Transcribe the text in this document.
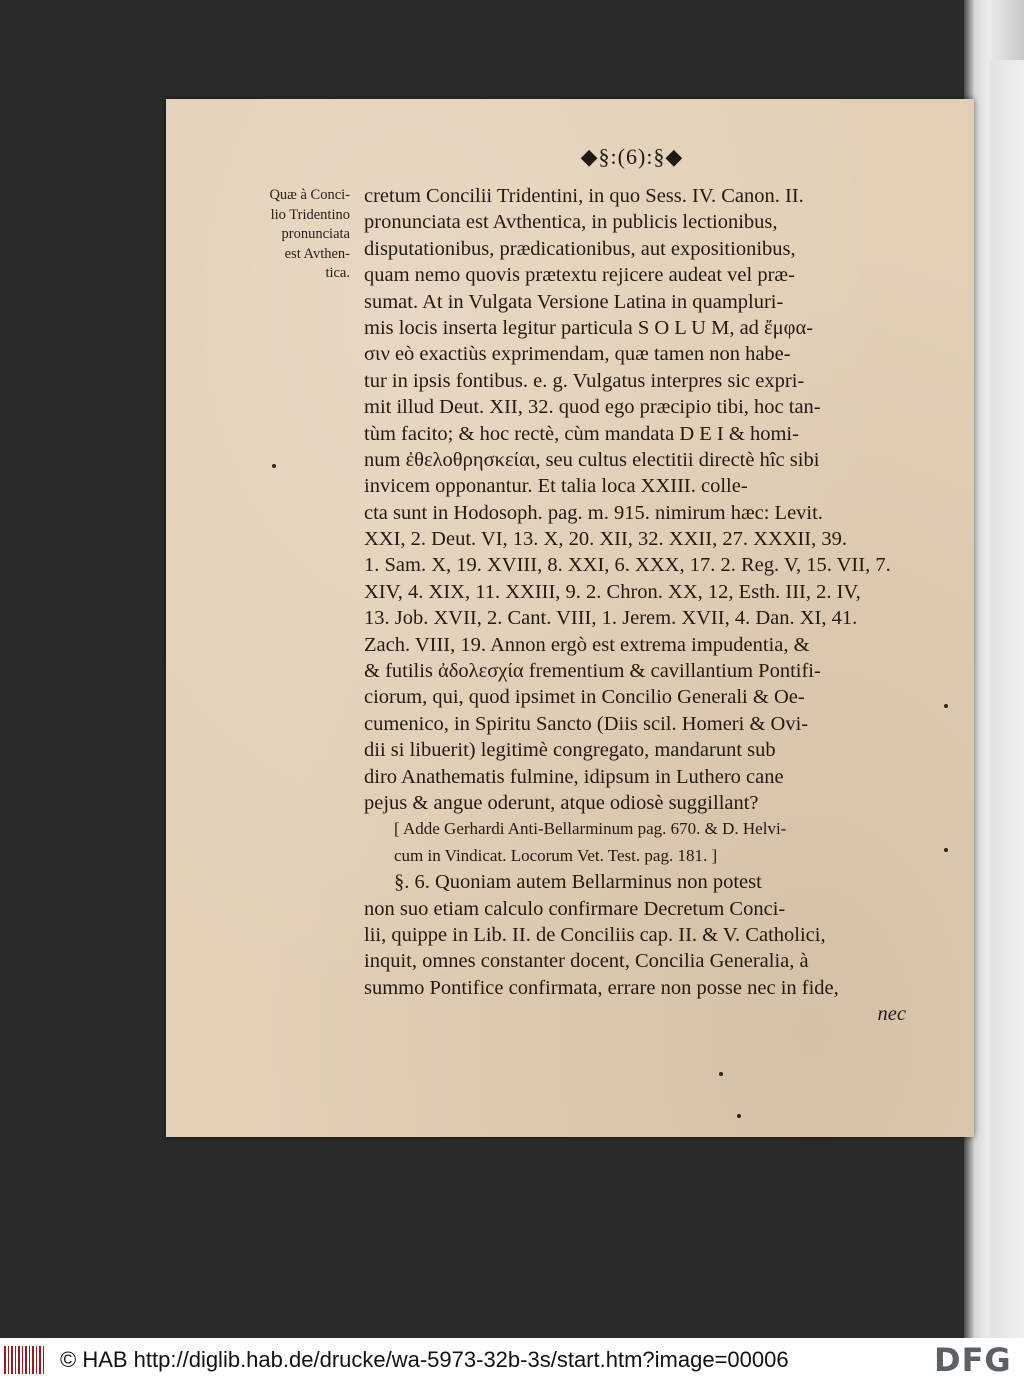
◆§:(6):§◆
Quæ à Conci-
lio Tridentino
pronunciata
est Avthen-
tica.
cretum Concilii Tridentini, in quo Sess. IV. Canon. II.
pronunciata est Avthentica, in publicis lectionibus,
disputationibus, prædicationibus, aut expositionibus,
quam nemo quovis prætextu rejicere audeat vel præ-
sumat. At in Vulgata Versione Latina in quampluri-
mis locis inserta legitur particula S O L U M, ad ἔμφα-
σιν eò exactiùs exprimendam, quæ tamen non habe-
tur in ipsis fontibus. e. g. Vulgatus interpres sic expri-
mit illud Deut. XII, 32. quod ego præcipio tibi, hoc tan-
tùm facito; & hoc rectè, cùm mandata D E I & homi-
num ἐθελοθρησκείαι, seu cultus electitii directè hîc sibi
invicem opponantur. Et talia loca XXIII. colle-
cta sunt in Hodosoph. pag. m. 915. nimirum hæc: Levit.
XXI, 2. Deut. VI, 13. X, 20. XII, 32. XXII, 27. XXXII, 39.
1. Sam. X, 19. XVIII, 8. XXI, 6. XXX, 17. 2. Reg. V, 15. VII, 7.
XIV, 4. XIX, 11. XXIII, 9. 2. Chron. XX, 12, Esth. III, 2. IV,
13. Job. XVII, 2. Cant. VIII, 1. Jerem. XVII, 4. Dan. XI, 41.
Zach. VIII, 19. Annon ergò est extrema impudentia, &
& futilis ἀδολεσχία frementium & cavillantium Pontifi-
ciorum, qui, quod ipsimet in Concilio Generali & Oe-
cumenico, in Spiritu Sancto (Diis scil. Homeri & Ovi-
dii si libuerit) legitimè congregato, mandarunt sub
diro Anathematis fulmine, idipsum in Luthero cane
pejus & angue oderunt, atque odiosè suggillant?
[ Adde Gerhardi Anti-Bellarminum pag. 670. & D. Helvi-
cum in Vindicat. Locorum Vet. Test. pag. 181. ]
§. 6. Quoniam autem Bellarminus non potest
non suo etiam calculo confirmare Decretum Conci-
lii, quippe in Lib. II. de Conciliis cap. II. & V. Catholici,
inquit, omnes constanter docent, Concilia Generalia, à
summo Pontifice confirmata, errare non posse nec in fide,
nec
© HAB http://diglib.hab.de/drucke/wa-5973-32b-3s/start.htm?image=00006	DFG
